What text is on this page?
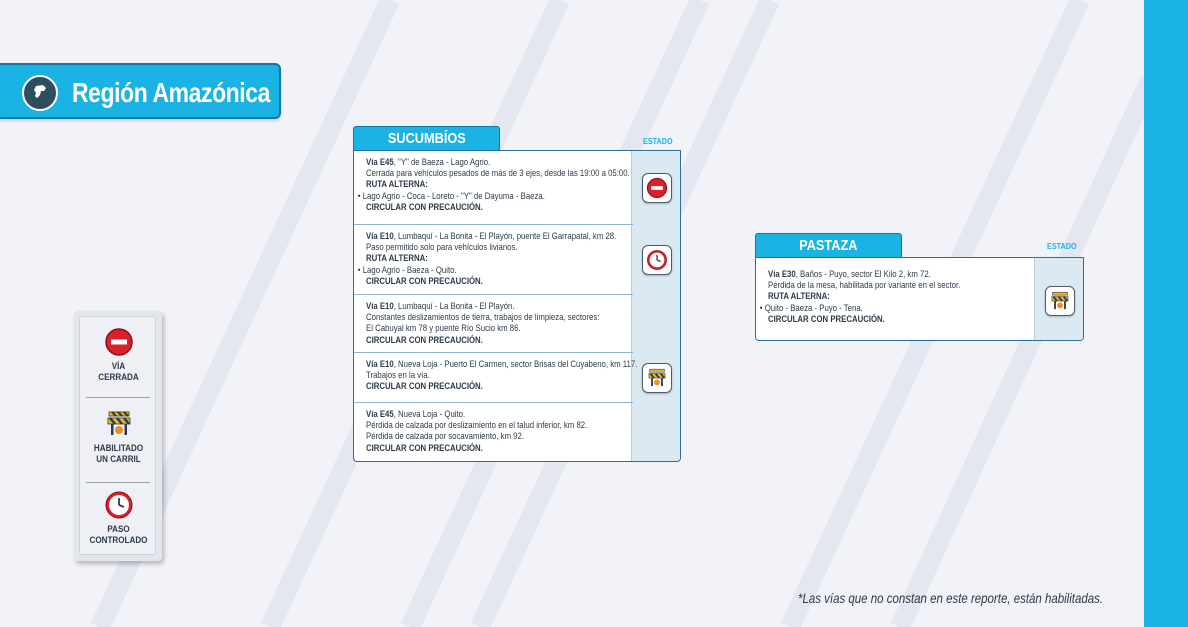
Región Amazónica
VÍA
CERRADA
HABILITADO
UN CARRIL
PASO
CONTROLADO
SUCUMBÍOS	ESTADO
Vía E45, "Y" de Baeza - Lago Agrio.
Cerrada para vehículos pesados de más de 3 ejes, desde las 19:00 a 05:00.
RUTA ALTERNA:
• Lago Agrio - Coca - Loreto - "Y" de Dayuma - Baeza.
CIRCULAR CON PRECAUCIÓN.
Vía E10, Lumbaquí - La Bonita - El Playón, puente El Garrapatal, km 28.
Paso permitido solo para vehículos livianos.
RUTA ALTERNA:
• Lago Agrio - Baeza - Quito.
CIRCULAR CON PRECAUCIÓN.
Vía E10, Lumbaquí - La Bonita - El Playón.
Constantes deslizamientos de tierra, trabajos de limpieza, sectores:
El Cabuyal km 78 y puente Río Sucio km 86.
CIRCULAR CON PRECAUCIÓN.
Vía E10, Nueva Loja - Puerto El Carmen, sector Brisas del Cuyabeno, km 117.
Trabajos en la vía.
CIRCULAR CON PRECAUCIÓN.
Vía E45, Nueva Loja - Quito.
Pérdida de calzada por deslizamiento en el talud inferior, km 82.
Pérdida de calzada por socavamiento, km 92.
CIRCULAR CON PRECAUCIÓN.
PASTAZA	ESTADO
Vía E30, Baños - Puyo, sector El Kilo 2, km 72.
Pérdida de la mesa, habilitada por variante en el sector.
RUTA ALTERNA:
• Quito - Baeza - Puyo - Tena.
CIRCULAR CON PRECAUCIÓN.
*Las vías que no constan en este reporte, están habilitadas.
